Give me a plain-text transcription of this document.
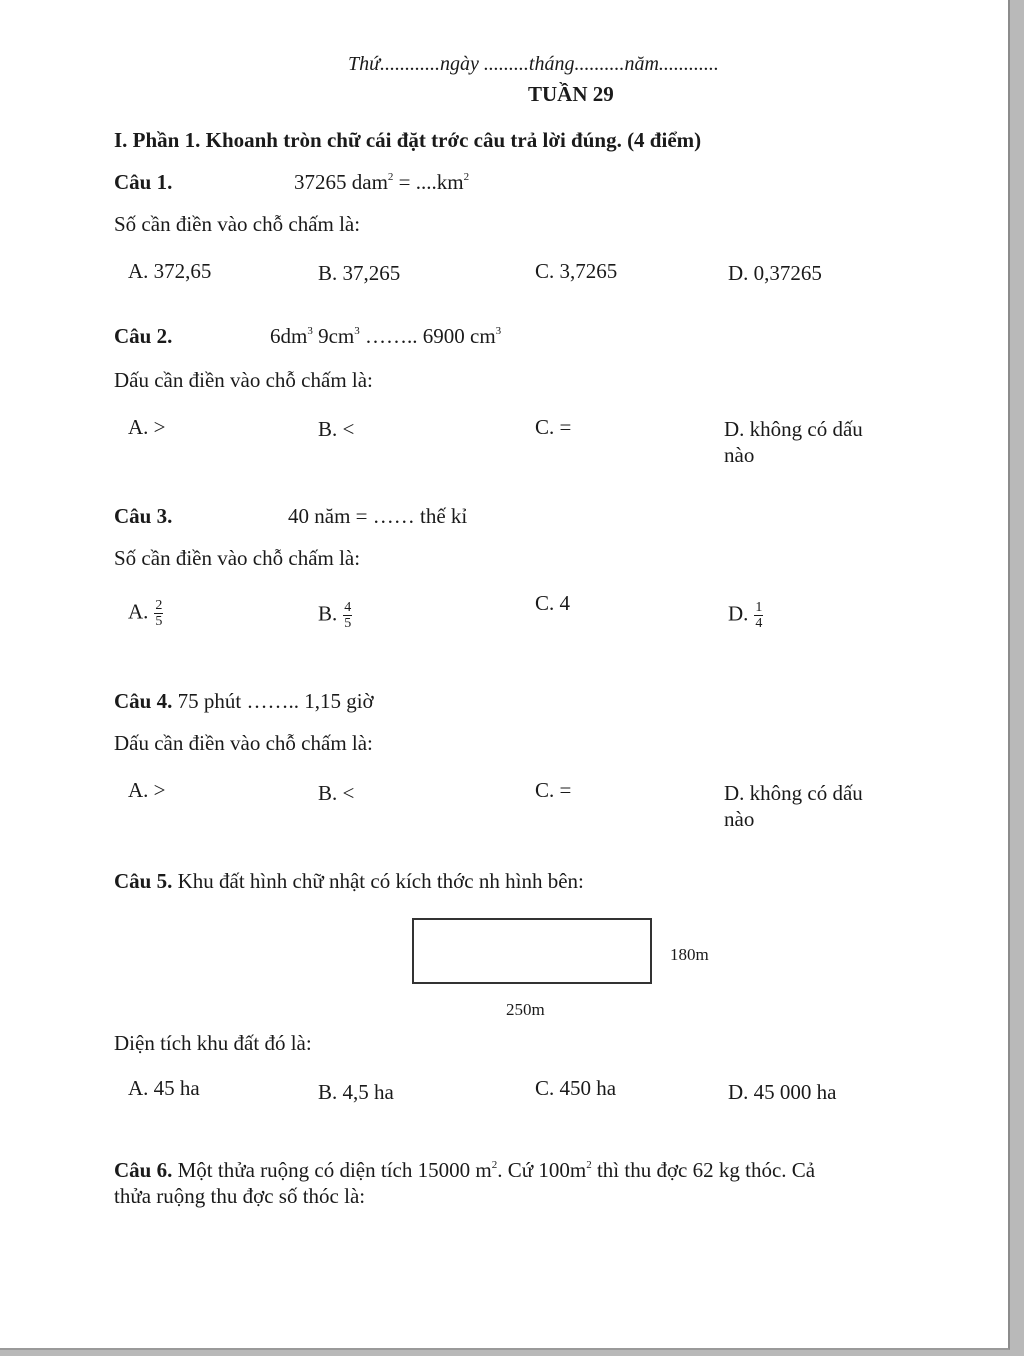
Thứ............ngày .........tháng..........năm............
TUẦN 29
I. Phần 1. Khoanh tròn chữ cái đặt trớc câu trả lời đúng. (4 điểm)
Câu 1.	37265 $dam^2 = ....km^2$
Số cần điền vào chỗ chấm là:
A. 372,65	B. 37,265	C. 3,7265	D. 0,37265
Câu 2.	$6dm^3$ $9cm^3$ …….. 6900 $cm^3$
Dấu cần điền vào chỗ chấm là:
A. >	B. <	C. =	D. không có dấu
nào
Câu 3.	40 năm = …… thế kỉ
Số cần điền vào chỗ chấm là:
A. $\frac{2}{5}$	B. $\frac{4}{5}$	C. 4	D. $\frac{1}{4}$
Câu 4. 75 phút …….. 1,15 giờ
Dấu cần điền vào chỗ chấm là:
A. >	B. <	C. =	D. không có dấu
nào
Câu 5. Khu đất hình chữ nhật có kích thớc nh hình bên:
180m
250m
Diện tích khu đất đó là:
A. 45 ha	B. 4,5 ha	C. 450 ha	D. 45 000 ha
Câu 6. Một thửa ruộng có diện tích 15000 $m^2$. Cứ $100m^2$ thì thu đợc 62 kg thóc. Cả
thửa ruộng thu đợc số thóc là:
